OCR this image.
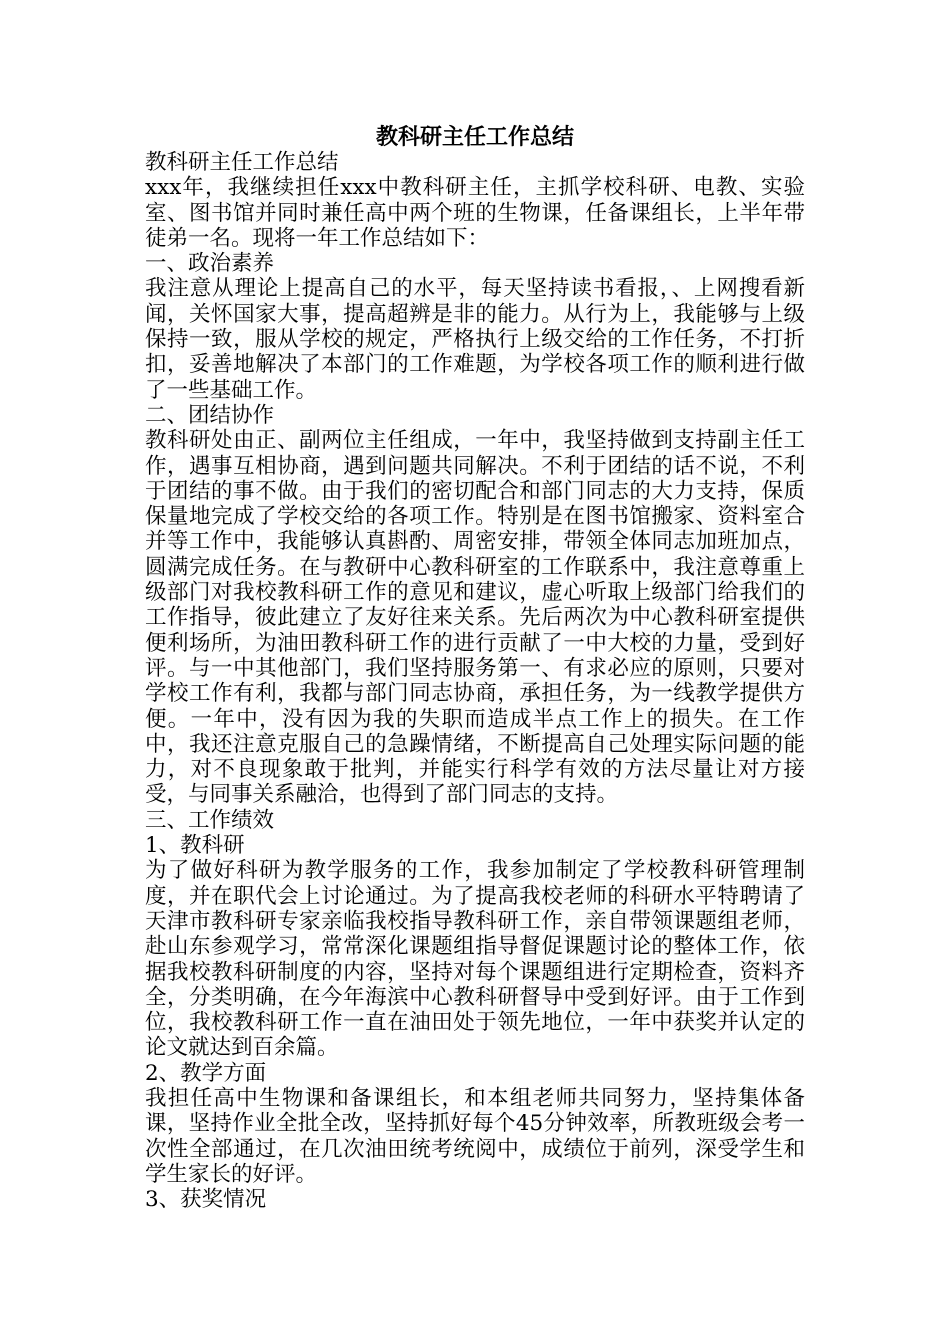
教科研主任工作总结

教科研主任工作总结

xxx年，我继续担任xxx中教科研主任，主抓学校科研、电教、实验室、图书馆并同时兼任高中两个班的生物课，任备课组长，上半年带徒弟一名。现将一年工作总结如下：

一、政治素养

我注意从理论上提高自己的水平，每天坚持读书看报，、上网搜看新闻，关怀国家大事，提高超辨是非的能力。从行为上，我能够与上级保持一致，服从学校的规定，严格执行上级交给的工作任务，不打折扣，妥善地解决了本部门的工作难题，为学校各项工作的顺利进行做了一些基础工作。

二、团结协作

教科研处由正、副两位主任组成，一年中，我坚持做到支持副主任工作，遇事互相协商，遇到问题共同解决。不利于团结的话不说，不利于团结的事不做。由于我们的密切配合和部门同志的大力支持，保质保量地完成了学校交给的各项工作。特别是在图书馆搬家、资料室合并等工作中，我能够认真斟酌、周密安排，带领全体同志加班加点，圆满完成任务。在与教研中心教科研室的工作联系中，我注意尊重上级部门对我校教科研工作的意见和建议，虚心听取上级部门给我们的工作指导，彼此建立了友好往来关系。先后两次为中心教科研室提供便利场所，为油田教科研工作的进行贡献了一中大校的力量，受到好评。与一中其他部门，我们坚持服务第一、有求必应的原则，只要对学校工作有利，我都与部门同志协商，承担任务，为一线教学提供方便。一年中，没有因为我的失职而造成半点工作上的损失。在工作中，我还注意克服自己的急躁情绪，不断提高自己处理实际问题的能力，对不良现象敢于批判，并能实行科学有效的方法尽量让对方接受，与同事关系融洽，也得到了部门同志的支持。

三、工作绩效

1、教科研

为了做好科研为教学服务的工作，我参加制定了学校教科研管理制度，并在职代会上讨论通过。为了提高我校老师的科研水平特聘请了天津市教科研专家亲临我校指导教科研工作，亲自带领课题组老师，赴山东参观学习，常常深化课题组指导督促课题讨论的整体工作，依据我校教科研制度的内容，坚持对每个课题组进行定期检查，资料齐全，分类明确，在今年海滨中心教科研督导中受到好评。由于工作到位，我校教科研工作一直在油田处于领先地位，一年中获奖并认定的论文就达到百余篇。

2、教学方面

我担任高中生物课和备课组长，和本组老师共同努力，坚持集体备课，坚持作业全批全改，坚持抓好每个45分钟效率，所教班级会考一次性全部通过，在几次油田统考统阅中，成绩位于前列，深受学生和学生家长的好评。

3、获奖情况
